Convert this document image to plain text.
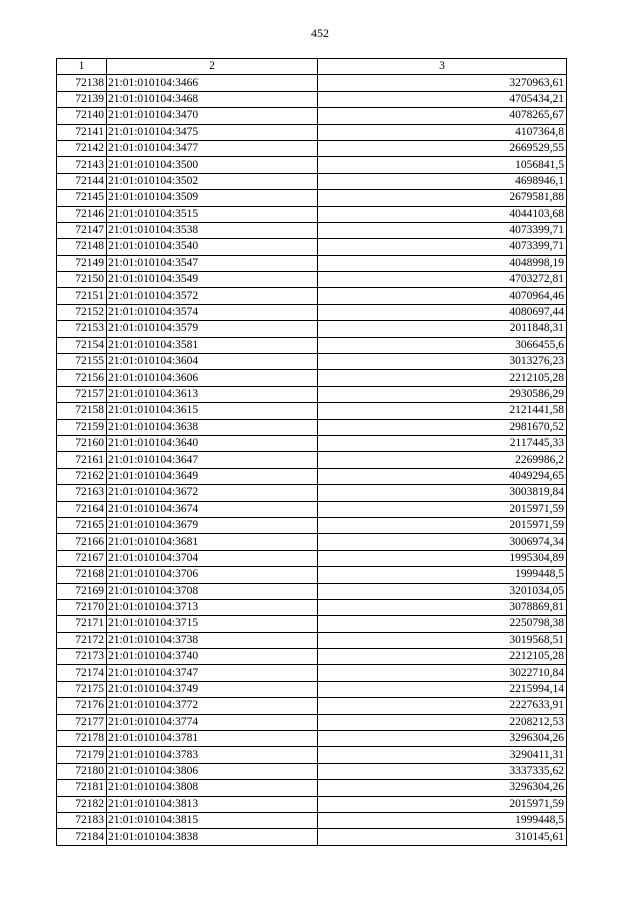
452
1	2	3
72138	21:01:010104:3466	3270963,61
72139	21:01:010104:3468	4705434,21
72140	21:01:010104:3470	4078265,67
72141	21:01:010104:3475	4107364,8
72142	21:01:010104:3477	2669529,55
72143	21:01:010104:3500	1056841,5
72144	21:01:010104:3502	4698946,1
72145	21:01:010104:3509	2679581,88
72146	21:01:010104:3515	4044103,68
72147	21:01:010104:3538	4073399,71
72148	21:01:010104:3540	4073399,71
72149	21:01:010104:3547	4048998,19
72150	21:01:010104:3549	4703272,81
72151	21:01:010104:3572	4070964,46
72152	21:01:010104:3574	4080697,44
72153	21:01:010104:3579	2011848,31
72154	21:01:010104:3581	3066455,6
72155	21:01:010104:3604	3013276,23
72156	21:01:010104:3606	2212105,28
72157	21:01:010104:3613	2930586,29
72158	21:01:010104:3615	2121441,58
72159	21:01:010104:3638	2981670,52
72160	21:01:010104:3640	2117445,33
72161	21:01:010104:3647	2269986,2
72162	21:01:010104:3649	4049294,65
72163	21:01:010104:3672	3003819,84
72164	21:01:010104:3674	2015971,59
72165	21:01:010104:3679	2015971,59
72166	21:01:010104:3681	3006974,34
72167	21:01:010104:3704	1995304,89
72168	21:01:010104:3706	1999448,5
72169	21:01:010104:3708	3201034,05
72170	21:01:010104:3713	3078869,81
72171	21:01:010104:3715	2250798,38
72172	21:01:010104:3738	3019568,51
72173	21:01:010104:3740	2212105,28
72174	21:01:010104:3747	3022710,84
72175	21:01:010104:3749	2215994,14
72176	21:01:010104:3772	2227633,91
72177	21:01:010104:3774	2208212,53
72178	21:01:010104:3781	3296304,26
72179	21:01:010104:3783	3290411,31
72180	21:01:010104:3806	3337335,62
72181	21:01:010104:3808	3296304,26
72182	21:01:010104:3813	2015971,59
72183	21:01:010104:3815	1999448,5
72184	21:01:010104:3838	310145,61
